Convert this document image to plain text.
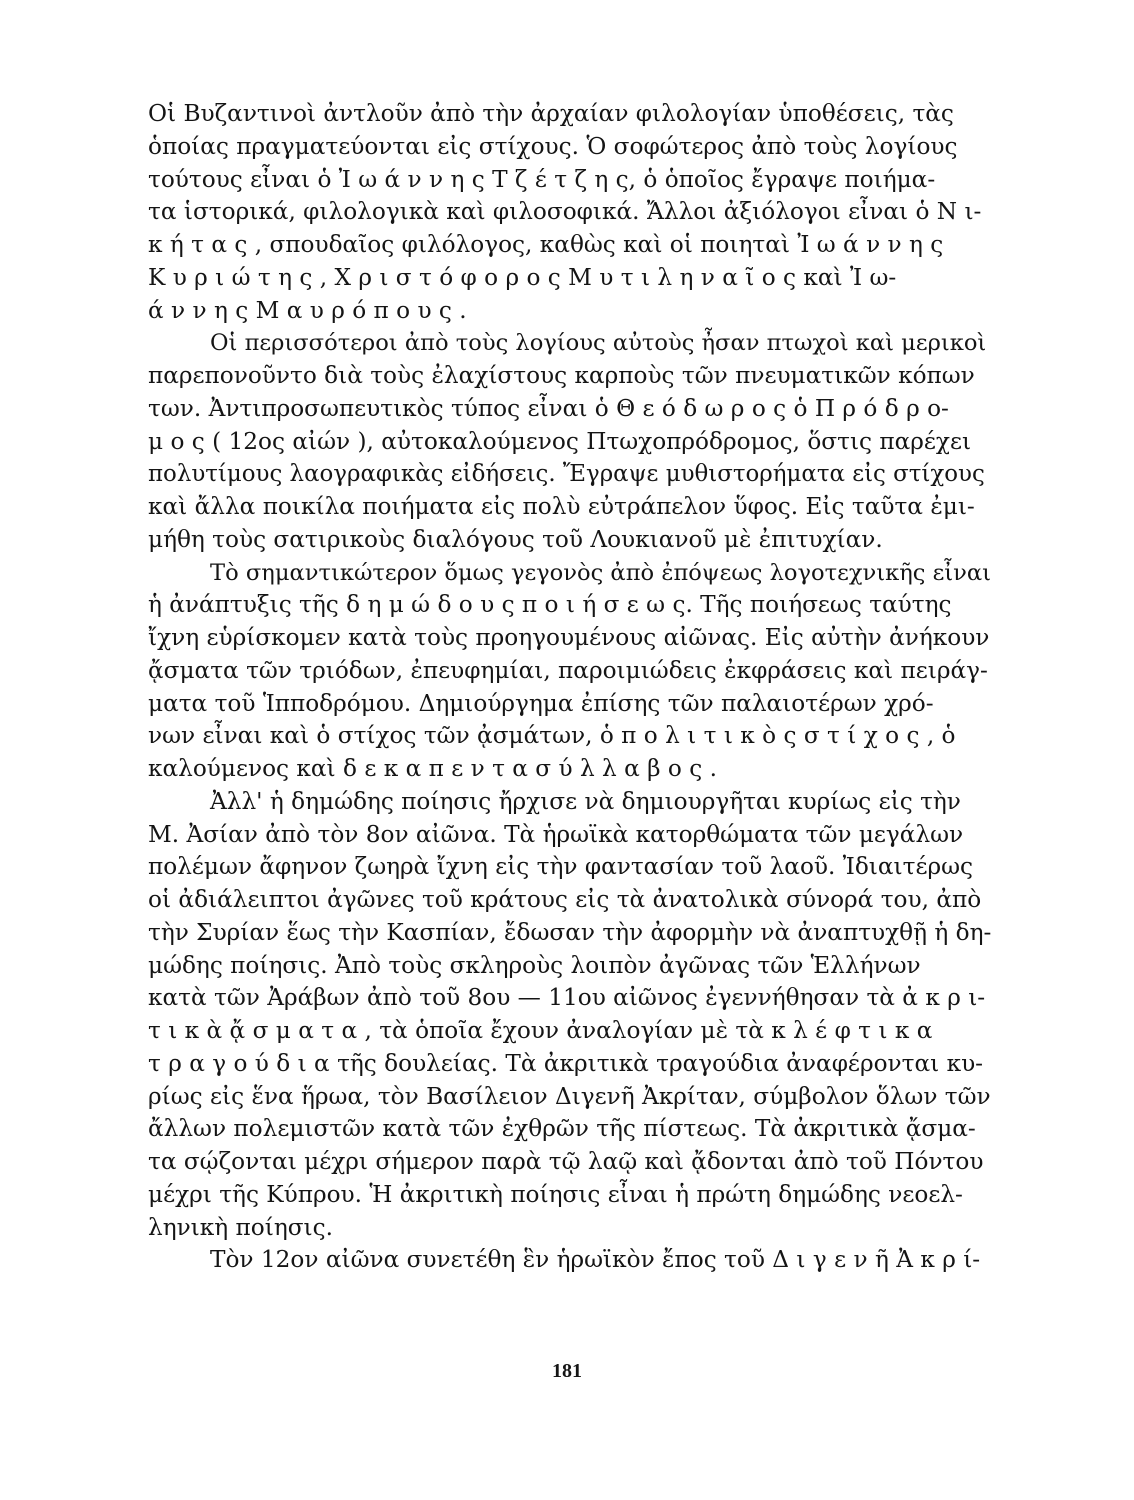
Οἱ Βυζαντινοὶ ἀντλοῦν ἀπὸ τὴν ἀρχαίαν φιλολογίαν ὑποθέσεις, τὰς
ὁποίας πραγματεύονται εἰς στίχους. Ὁ σοφώτερος ἀπὸ τοὺς λογίους
τούτους εἶναι ὁ Ἰ ω ά ν ν η ς Τ ζ έ τ ζ η ς, ὁ ὁποῖος ἔγραψε ποιήμα-
τα ἱστορικά, φιλολογικὰ καὶ φιλοσοφικά. Ἄλλοι ἀξιόλογοι εἶναι ὁ Ν ι-
κ ή τ α ς , σπουδαῖος φιλόλογος, καθὼς καὶ οἱ ποιηταὶ Ἰ ω ά ν ν η ς
Κ υ ρ ι ώ τ η ς , Χ ρ ι σ τ ό φ ο ρ ο ς Μ υ τ ι λ η ν α ῖ ο ς καὶ Ἰ ω-
ά ν ν η ς Μ α υ ρ ό π ο υ ς .
Οἱ περισσότεροι ἀπὸ τοὺς λογίους αὐτοὺς ἦσαν πτωχοὶ καὶ μερικοὶ
παρεπονοῦντο διὰ τοὺς ἐλαχίστους καρποὺς τῶν πνευματικῶν κόπων
των. Ἀντιπροσωπευτικὸς τύπος εἶναι ὁ Θ ε ό δ ω ρ ο ς ὁ Π ρ ό δ ρ ο-
μ ο ς ( 12ος αἰών ), αὐτοκαλούμενος Πτωχοπρόδρομος, ὅστις παρέχει
πολυτίμους λαογραφικὰς εἰδήσεις. Ἔγραψε μυθιστορήματα εἰς στίχους
καὶ ἄλλα ποικίλα ποιήματα εἰς πολὺ εὐτράπελον ὕφος. Εἰς ταῦτα ἐμι-
μήθη τοὺς σατιρικοὺς διαλόγους τοῦ Λουκιανοῦ μὲ ἐπιτυχίαν.
Τὸ σημαντικώτερον ὅμως γεγονὸς ἀπὸ ἐπόψεως λογοτεχνικῆς εἶναι
ἡ ἀνάπτυξις τῆς δ η μ ώ δ ο υ ς π ο ι ή σ ε ω ς. Τῆς ποιήσεως ταύτης
ἴχνη εὑρίσκομεν κατὰ τοὺς προηγουμένους αἰῶνας. Εἰς αὐτὴν ἀνήκουν
ᾄσματα τῶν τριόδων, ἐπευφημίαι, παροιμιώδεις ἐκφράσεις καὶ πειράγ-
ματα τοῦ Ἱπποδρόμου. Δημιούργημα ἐπίσης τῶν παλαιοτέρων χρό-
νων εἶναι καὶ ὁ στίχος τῶν ᾀσμάτων, ὁ π ο λ ι τ ι κ ὸ ς σ τ ί χ ο ς , ὁ
καλούμενος καὶ δ ε κ α π ε ν τ α σ ύ λ λ α β ο ς .
Ἀλλ' ἡ δημώδης ποίησις ἤρχισε νὰ δημιουργῆται κυρίως εἰς τὴν
Μ. Ἀσίαν ἀπὸ τὸν 8ον αἰῶνα. Τὰ ἡρωϊκὰ κατορθώματα τῶν μεγάλων
πολέμων ἄφηνον ζωηρὰ ἴχνη εἰς τὴν φαντασίαν τοῦ λαοῦ. Ἰδιαιτέρως
οἱ ἀδιάλειπτοι ἀγῶνες τοῦ κράτους εἰς τὰ ἀνατολικὰ σύνορά του, ἀπὸ
τὴν Συρίαν ἕως τὴν Κασπίαν, ἔδωσαν τὴν ἀφορμὴν νὰ ἀναπτυχθῇ ἡ δη-
μώδης ποίησις. Ἀπὸ τοὺς σκληροὺς λοιπὸν ἀγῶνας τῶν Ἑλλήνων
κατὰ τῶν Ἀράβων ἀπὸ τοῦ 8ου — 11ου αἰῶνος ἐγεννήθησαν τὰ ἀ κ ρ ι-
τ ι κ ὰ ᾄ σ μ α τ α , τὰ ὁποῖα ἔχουν ἀναλογίαν μὲ τὰ κ λ έ φ τ ι κ α
τ ρ α γ ο ύ δ ι α τῆς δουλείας. Τὰ ἀκριτικὰ τραγούδια ἀναφέρονται κυ-
ρίως εἰς ἕνα ἥρωα, τὸν Βασίλειον Διγενῆ Ἀκρίταν, σύμβολον ὅλων τῶν
ἄλλων πολεμιστῶν κατὰ τῶν ἐχθρῶν τῆς πίστεως. Τὰ ἀκριτικὰ ᾄσμα-
τα σῴζονται μέχρι σήμερον παρὰ τῷ λαῷ καὶ ᾄδονται ἀπὸ τοῦ Πόντου
μέχρι τῆς Κύπρου. Ἡ ἀκριτικὴ ποίησις εἶναι ἡ πρώτη δημώδης νεοελ-
ληνικὴ ποίησις.
Τὸν 12ον αἰῶνα συνετέθη ἓν ἡρωϊκὸν ἔπος τοῦ Δ ι γ ε ν ῆ Ἀ κ ρ ί-
181
